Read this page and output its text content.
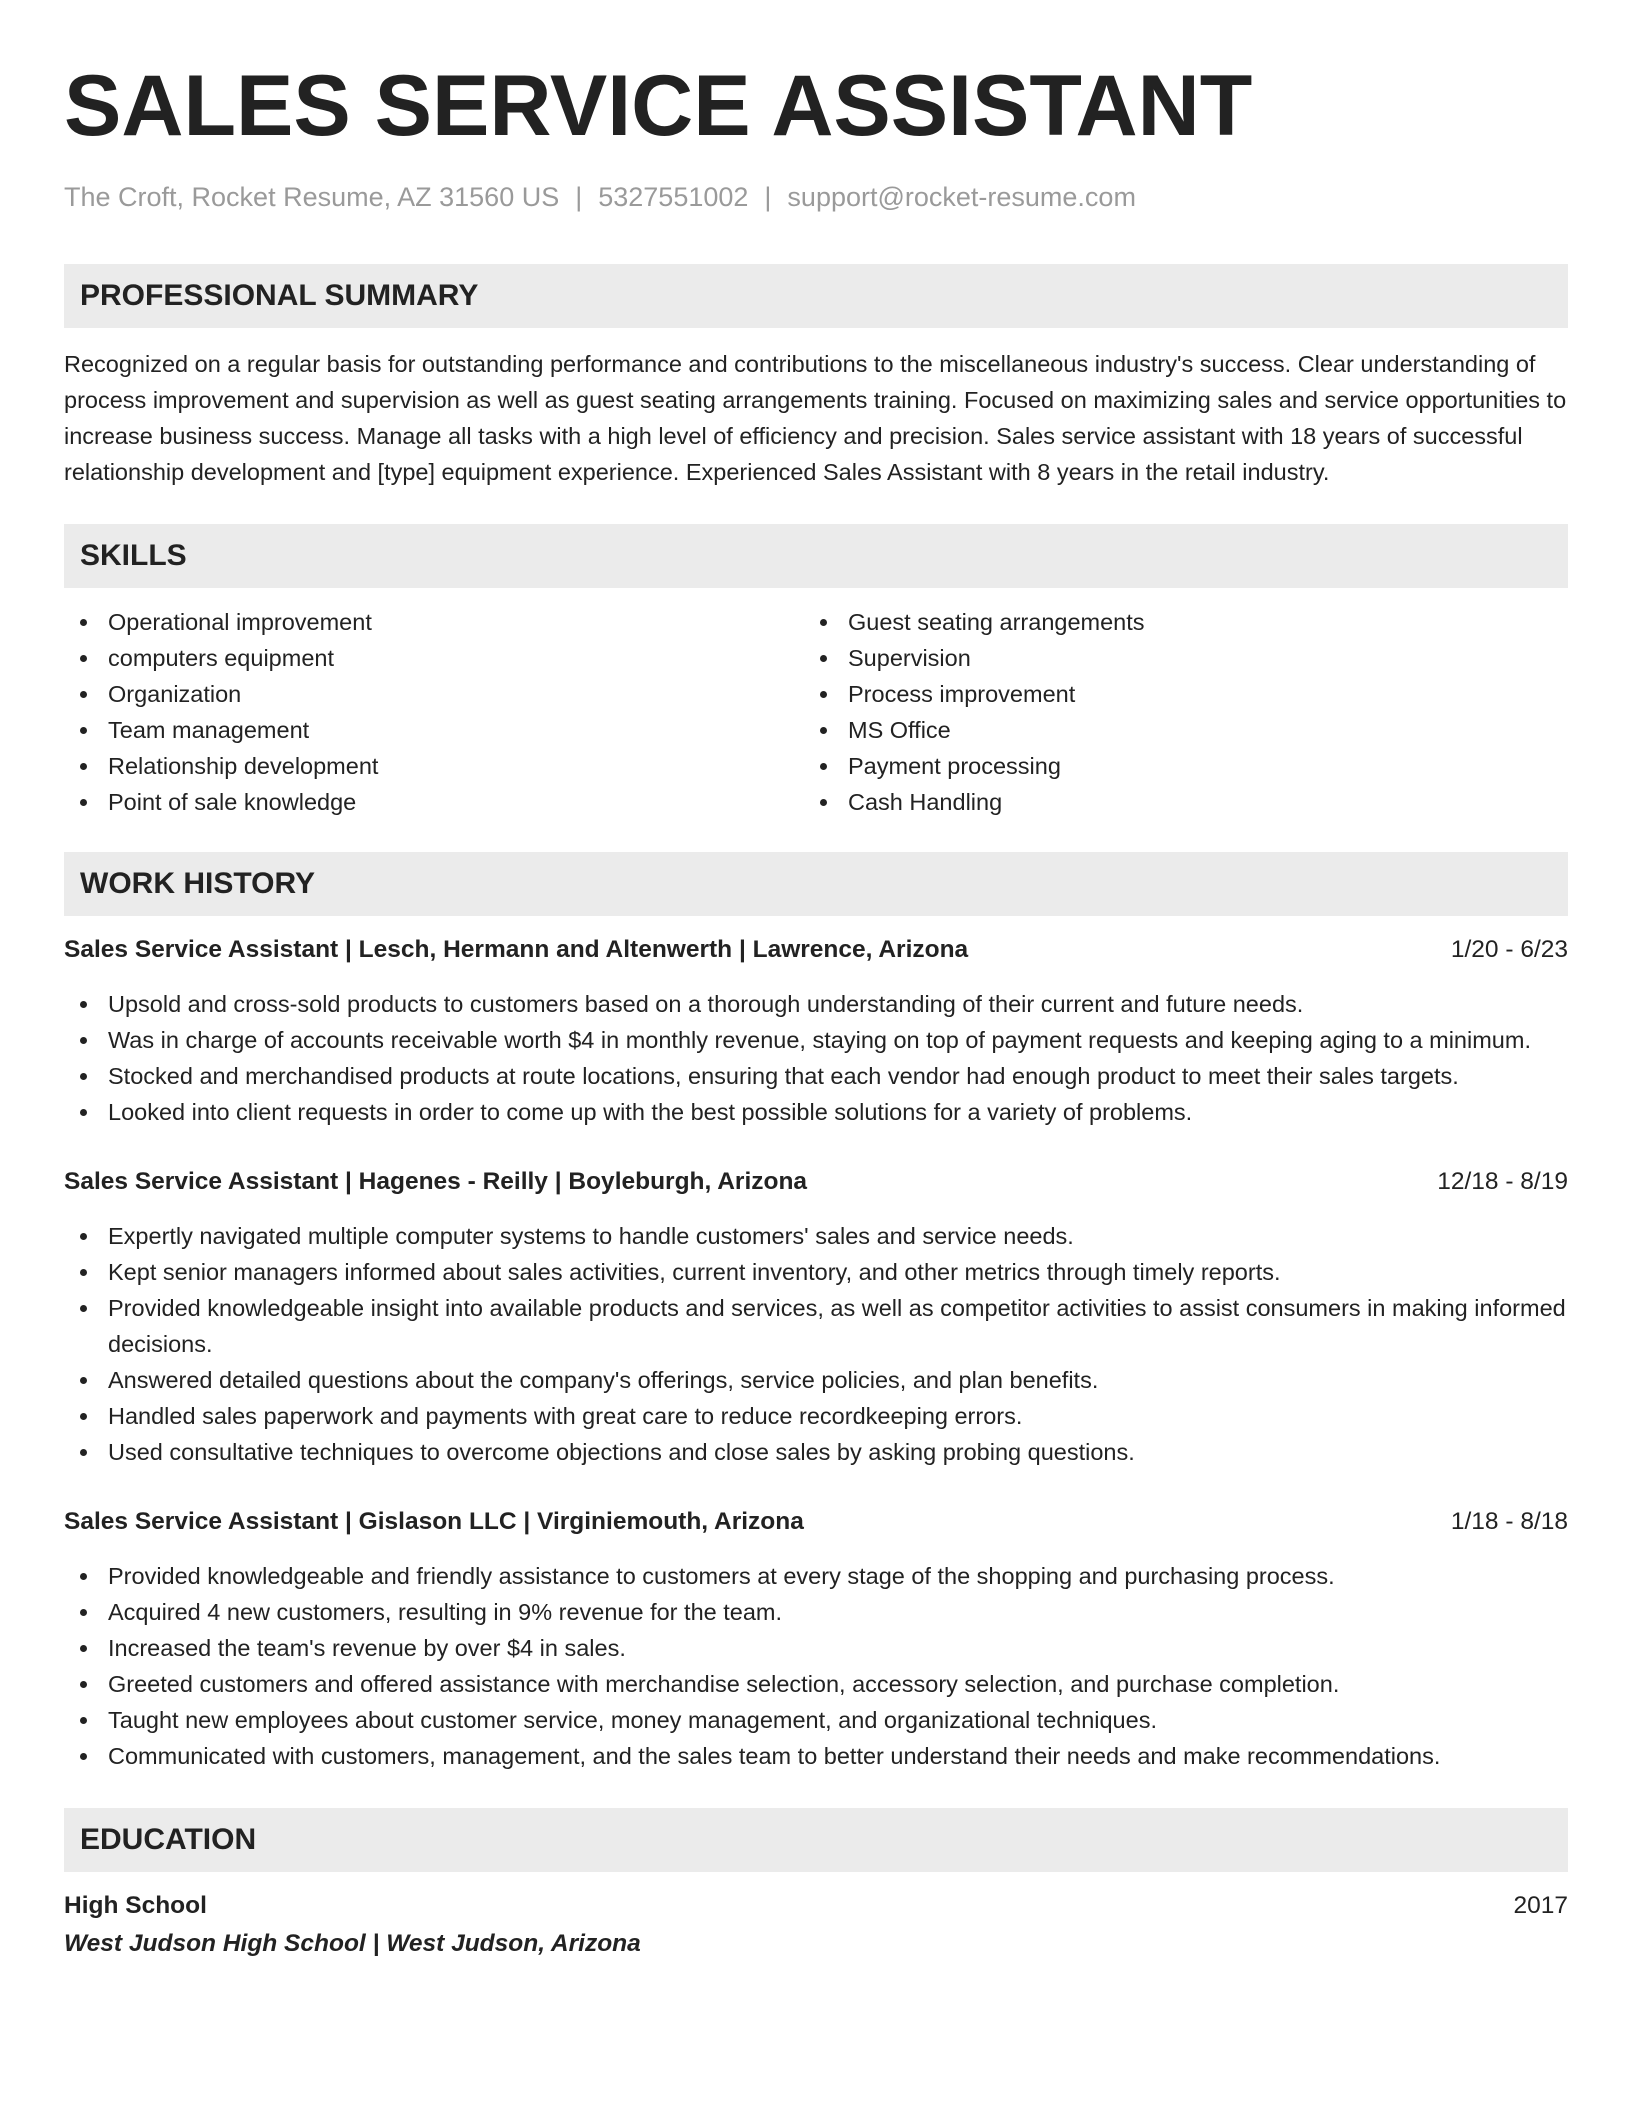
SALES SERVICE ASSISTANT
The Croft, Rocket Resume, AZ 31560 US | 5327551002 | support@rocket-resume.com
PROFESSIONAL SUMMARY

Recognized on a regular basis for outstanding performance and contributions to the miscellaneous industry's success. Clear understanding of process improvement and supervision as well as guest seating arrangements training. Focused on maximizing sales and service opportunities to increase business success. Manage all tasks with a high level of efficiency and precision. Sales service assistant with 18 years of successful relationship development and [type] equipment experience. Experienced Sales Assistant with 8 years in the retail industry.

SKILLS
Operational improvement
computers equipment
Organization
Team management
Relationship development
Point of sale knowledge
Guest seating arrangements
Supervision
Process improvement
MS Office
Payment processing
Cash Handling
WORK HISTORY
Sales Service Assistant | Lesch, Hermann and Altenwerth | Lawrence, Arizona	1/20 - 6/23
Upsold and cross-sold products to customers based on a thorough understanding of their current and future needs.
Was in charge of accounts receivable worth $4 in monthly revenue, staying on top of payment requests and keeping aging to a minimum.
Stocked and merchandised products at route locations, ensuring that each vendor had enough product to meet their sales targets.
Looked into client requests in order to come up with the best possible solutions for a variety of problems.
Sales Service Assistant | Hagenes - Reilly | Boyleburgh, Arizona	12/18 - 8/19
Expertly navigated multiple computer systems to handle customers' sales and service needs.
Kept senior managers informed about sales activities, current inventory, and other metrics through timely reports.
Provided knowledgeable insight into available products and services, as well as competitor activities to assist consumers in making informed decisions.
Answered detailed questions about the company's offerings, service policies, and plan benefits.
Handled sales paperwork and payments with great care to reduce recordkeeping errors.
Used consultative techniques to overcome objections and close sales by asking probing questions.
Sales Service Assistant | Gislason LLC | Virginiemouth, Arizona	1/18 - 8/18
Provided knowledgeable and friendly assistance to customers at every stage of the shopping and purchasing process.
Acquired 4 new customers, resulting in 9% revenue for the team.
Increased the team's revenue by over $4 in sales.
Greeted customers and offered assistance with merchandise selection, accessory selection, and purchase completion.
Taught new employees about customer service, money management, and organizational techniques.
Communicated with customers, management, and the sales team to better understand their needs and make recommendations.
EDUCATION
High School	2017
West Judson High School | West Judson, Arizona
